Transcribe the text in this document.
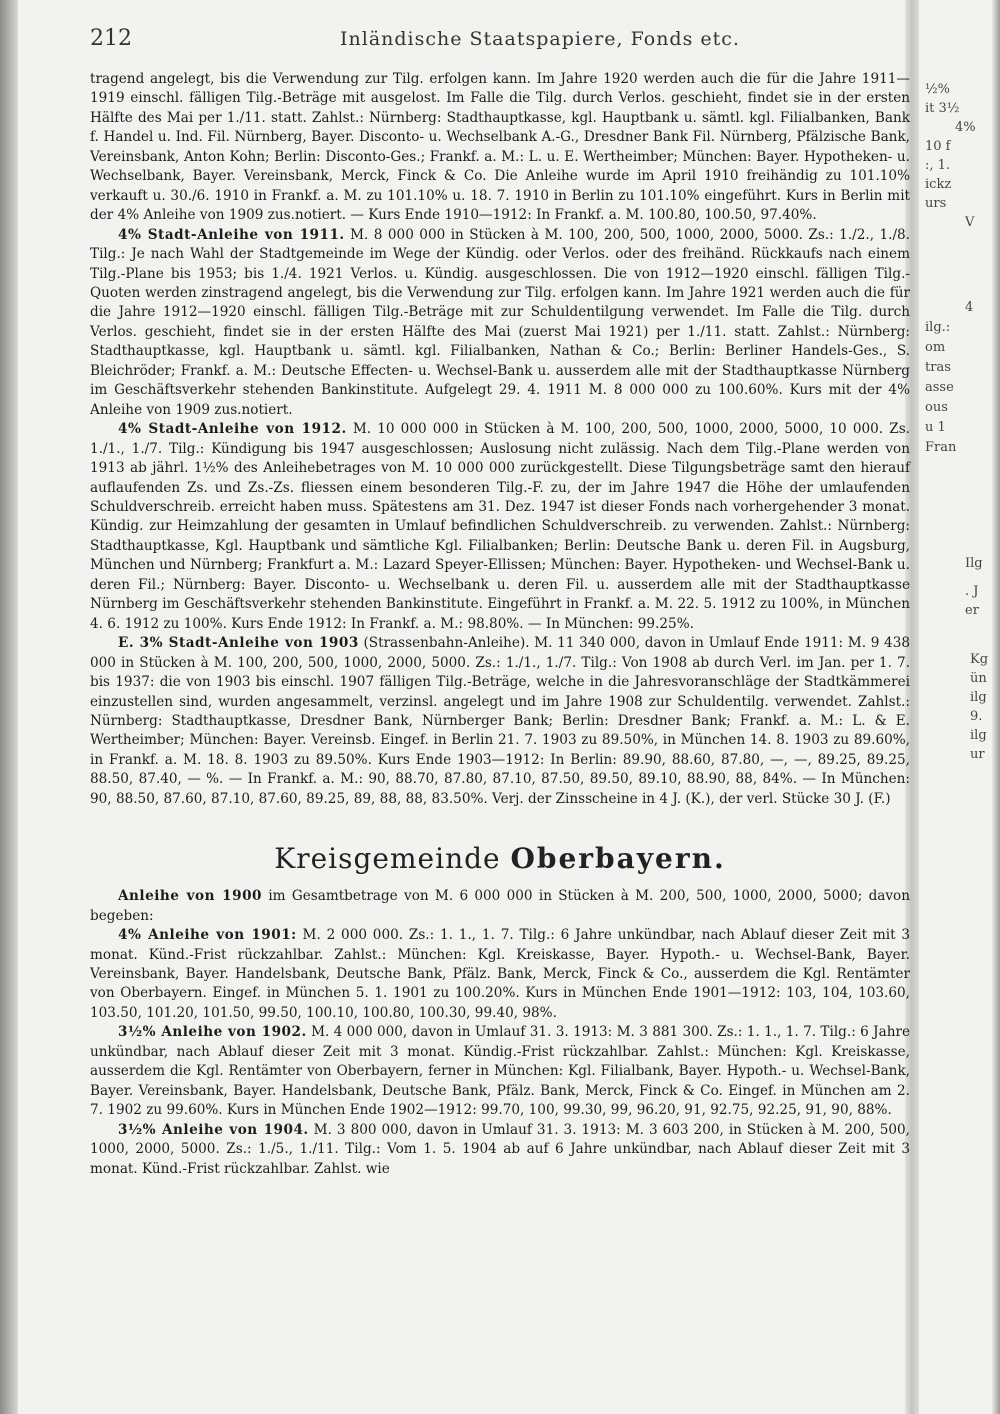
212	Inländische Staatspapiere, Fonds etc.

tragend angelegt, bis die Verwendung zur Tilg. erfolgen kann. Im Jahre 1920 werden auch die für die Jahre 1911—1919 einschl. fälligen Tilg.-Beträge mit ausgelost. Im Falle die Tilg. durch Verlos. geschieht, findet sie in der ersten Hälfte des Mai per 1./11. statt. Zahlst.: Nürnberg: Stadthauptkasse, kgl. Hauptbank u. sämtl. kgl. Filialbanken, Bank f. Handel u. Ind. Fil. Nürnberg, Bayer. Disconto- u. Wechselbank A.-G., Dresdner Bank Fil. Nürnberg, Pfälzische Bank, Vereinsbank, Anton Kohn; Berlin: Disconto-Ges.; Frankf. a. M.: L. u. E. Wertheimber; München: Bayer. Hypotheken- u. Wechselbank, Bayer. Vereinsbank, Merck, Finck & Co. Die Anleihe wurde im April 1910 freihändig zu 101.10% verkauft u. 30./6. 1910 in Frankf. a. M. zu 101.10% u. 18. 7. 1910 in Berlin zu 101.10% eingeführt. Kurs in Berlin mit der 4% Anleihe von 1909 zus.notiert. — Kurs Ende 1910—1912: In Frankf. a. M. 100.80, 100.50, 97.40%.

4% Stadt-Anleihe von 1911. M. 8 000 000 in Stücken à M. 100, 200, 500, 1000, 2000, 5000. Zs.: 1./2., 1./8. Tilg.: Je nach Wahl der Stadtgemeinde im Wege der Kündig. oder Verlos. oder des freihänd. Rückkaufs nach einem Tilg.-Plane bis 1953; bis 1./4. 1921 Verlos. u. Kündig. ausgeschlossen. Die von 1912—1920 einschl. fälligen Tilg.-Quoten werden zinstragend angelegt, bis die Verwendung zur Tilg. erfolgen kann. Im Jahre 1921 werden auch die für die Jahre 1912—1920 einschl. fälligen Tilg.-Beträge mit zur Schuldentilgung verwendet. Im Falle die Tilg. durch Verlos. geschieht, findet sie in der ersten Hälfte des Mai (zuerst Mai 1921) per 1./11. statt. Zahlst.: Nürnberg: Stadthauptkasse, kgl. Hauptbank u. sämtl. kgl. Filialbanken, Nathan & Co.; Berlin: Berliner Handels-Ges., S. Bleichröder; Frankf. a. M.: Deutsche Effecten- u. Wechsel-Bank u. ausserdem alle mit der Stadthauptkasse Nürnberg im Geschäftsverkehr stehenden Bankinstitute. Aufgelegt 29. 4. 1911 M. 8 000 000 zu 100.60%. Kurs mit der 4% Anleihe von 1909 zus.notiert.

4% Stadt-Anleihe von 1912. M. 10 000 000 in Stücken à M. 100, 200, 500, 1000, 2000, 5000, 10 000. Zs. 1./1., 1./7. Tilg.: Kündigung bis 1947 ausgeschlossen; Auslosung nicht zulässig. Nach dem Tilg.-Plane werden von 1913 ab jährl. 1½% des Anleihebetrages von M. 10 000 000 zurückgestellt. Diese Tilgungsbeträge samt den hierauf auflaufenden Zs. und Zs.-Zs. fliessen einem besonderen Tilg.-F. zu, der im Jahre 1947 die Höhe der umlaufenden Schuldverschreib. erreicht haben muss. Spätestens am 31. Dez. 1947 ist dieser Fonds nach vorhergehender 3 monat. Kündig. zur Heimzahlung der gesamten in Umlauf befindlichen Schuldverschreib. zu verwenden. Zahlst.: Nürnberg: Stadthauptkasse, Kgl. Hauptbank und sämtliche Kgl. Filialbanken; Berlin: Deutsche Bank u. deren Fil. in Augsburg, München und Nürnberg; Frankfurt a. M.: Lazard Speyer-Ellissen; München: Bayer. Hypotheken- und Wechsel-Bank u. deren Fil.; Nürnberg: Bayer. Disconto- u. Wechselbank u. deren Fil. u. ausserdem alle mit der Stadthauptkasse Nürnberg im Geschäftsverkehr stehenden Bankinstitute. Eingeführt in Frankf. a. M. 22. 5. 1912 zu 100%, in München 4. 6. 1912 zu 100%. Kurs Ende 1912: In Frankf. a. M.: 98.80%. — In München: 99.25%.

E. 3% Stadt-Anleihe von 1903 (Strassenbahn-Anleihe). M. 11 340 000, davon in Umlauf Ende 1911: M. 9 438 000 in Stücken à M. 100, 200, 500, 1000, 2000, 5000. Zs.: 1./1., 1./7. Tilg.: Von 1908 ab durch Verl. im Jan. per 1. 7. bis 1937: die von 1903 bis einschl. 1907 fälligen Tilg.-Beträge, welche in die Jahresvoranschläge der Stadtkämmerei einzustellen sind, wurden angesammelt, verzinsl. angelegt und im Jahre 1908 zur Schuldentilg. verwendet. Zahlst.: Nürnberg: Stadthauptkasse, Dresdner Bank, Nürnberger Bank; Berlin: Dresdner Bank; Frankf. a. M.: L. & E. Wertheimber; München: Bayer. Vereinsb. Eingef. in Berlin 21. 7. 1903 zu 89.50%, in München 14. 8. 1903 zu 89.60%, in Frankf. a. M. 18. 8. 1903 zu 89.50%. Kurs Ende 1903—1912: In Berlin: 89.90, 88.60, 87.80, —, —, 89.25, 89.25, 88.50, 87.40, — %. — In Frankf. a. M.: 90, 88.70, 87.80, 87.10, 87.50, 89.50, 89.10, 88.90, 88, 84%. — In München: 90, 88.50, 87.60, 87.10, 87.60, 89.25, 89, 88, 88, 83.50%. Verj. der Zinsscheine in 4 J. (K.), der verl. Stücke 30 J. (F.)

Kreisgemeinde Oberbayern.

Anleihe von 1900 im Gesamtbetrage von M. 6 000 000 in Stücken à M. 200, 500, 1000, 2000, 5000; davon begeben:

4% Anleihe von 1901: M. 2 000 000. Zs.: 1. 1., 1. 7. Tilg.: 6 Jahre unkündbar, nach Ablauf dieser Zeit mit 3 monat. Künd.-Frist rückzahlbar. Zahlst.: München: Kgl. Kreiskasse, Bayer. Hypoth.- u. Wechsel-Bank, Bayer. Vereinsbank, Bayer. Handelsbank, Deutsche Bank, Pfälz. Bank, Merck, Finck & Co., ausserdem die Kgl. Rentämter von Oberbayern. Eingef. in München 5. 1. 1901 zu 100.20%. Kurs in München Ende 1901—1912: 103, 104, 103.60, 103.50, 101.20, 101.50, 99.50, 100.10, 100.80, 100.30, 99.40, 98%.

3½% Anleihe von 1902. M. 4 000 000, davon in Umlauf 31. 3. 1913: M. 3 881 300. Zs.: 1. 1., 1. 7. Tilg.: 6 Jahre unkündbar, nach Ablauf dieser Zeit mit 3 monat. Kündig.-Frist rückzahlbar. Zahlst.: München: Kgl. Kreiskasse, ausserdem die Kgl. Rentämter von Oberbayern, ferner in München: Kgl. Filialbank, Bayer. Hypoth.- u. Wechsel-Bank, Bayer. Vereinsbank, Bayer. Handelsbank, Deutsche Bank, Pfälz. Bank, Merck, Finck & Co. Eingef. in München am 2. 7. 1902 zu 99.60%. Kurs in München Ende 1902—1912: 99.70, 100, 99.30, 99, 96.20, 91, 92.75, 92.25, 91, 90, 88%.

3½% Anleihe von 1904. M. 3 800 000, davon in Umlauf 31. 3. 1913: M. 3 603 200, in Stücken à M. 200, 500, 1000, 2000, 5000. Zs.: 1./5., 1./11. Tilg.: Vom 1. 5. 1904 ab auf 6 Jahre unkündbar, nach Ablauf dieser Zeit mit 3 monat. Künd.-Frist rückzahlbar. Zahlst. wie

½%
it 3½
4%
10 f
:, 1.
ickz
urs
V
4
ilg.:
om
tras
asse
ous
u 1
Fran
Ilg
. J
er
Kg
ün
ilg
9.
ilg
ur
